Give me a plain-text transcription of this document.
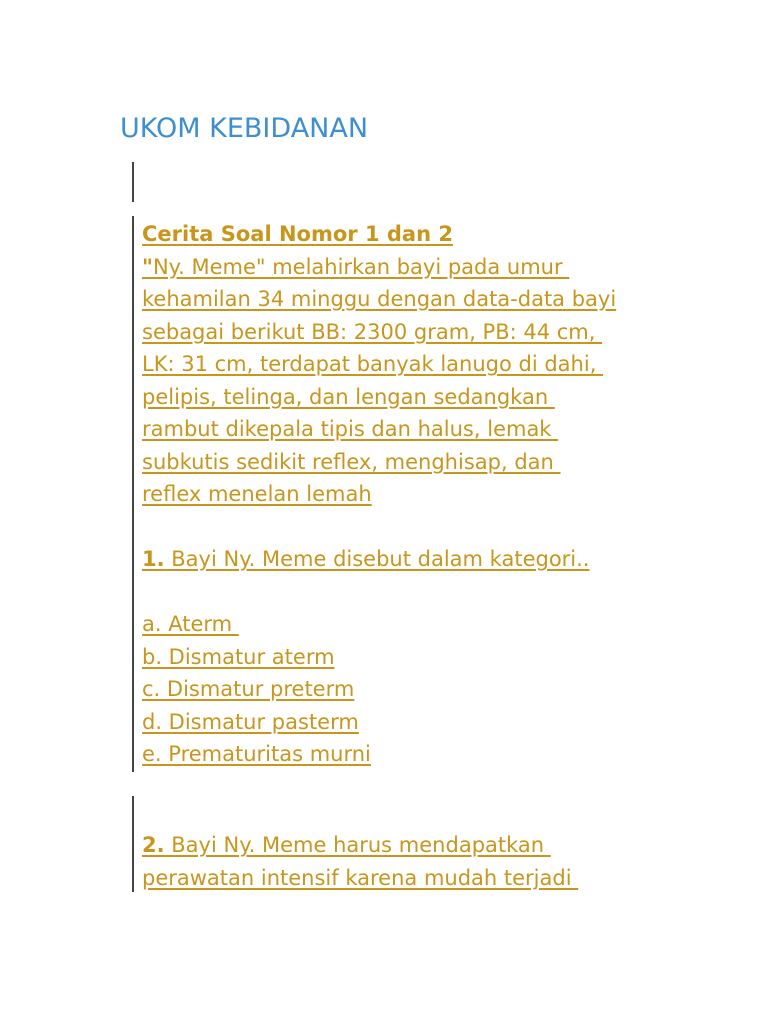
UKOM KEBIDANAN
Cerita Soal Nomor 1 dan 2
"Ny. Meme" melahirkan bayi pada umur
kehamilan 34 minggu dengan data-data bayi
sebagai berikut BB: 2300 gram, PB: 44 cm,
LK: 31 cm, terdapat banyak lanugo di dahi,
pelipis, telinga, dan lengan sedangkan
rambut dikepala tipis dan halus, lemak
subkutis sedikit reflex, menghisap, dan
reflex menelan lemah
1. Bayi Ny. Meme disebut dalam kategori..
a. Aterm
b. Dismatur aterm
c. Dismatur preterm
d. Dismatur pasterm
e. Prematuritas murni
2. Bayi Ny. Meme harus mendapatkan
perawatan intensif karena mudah terjadi
